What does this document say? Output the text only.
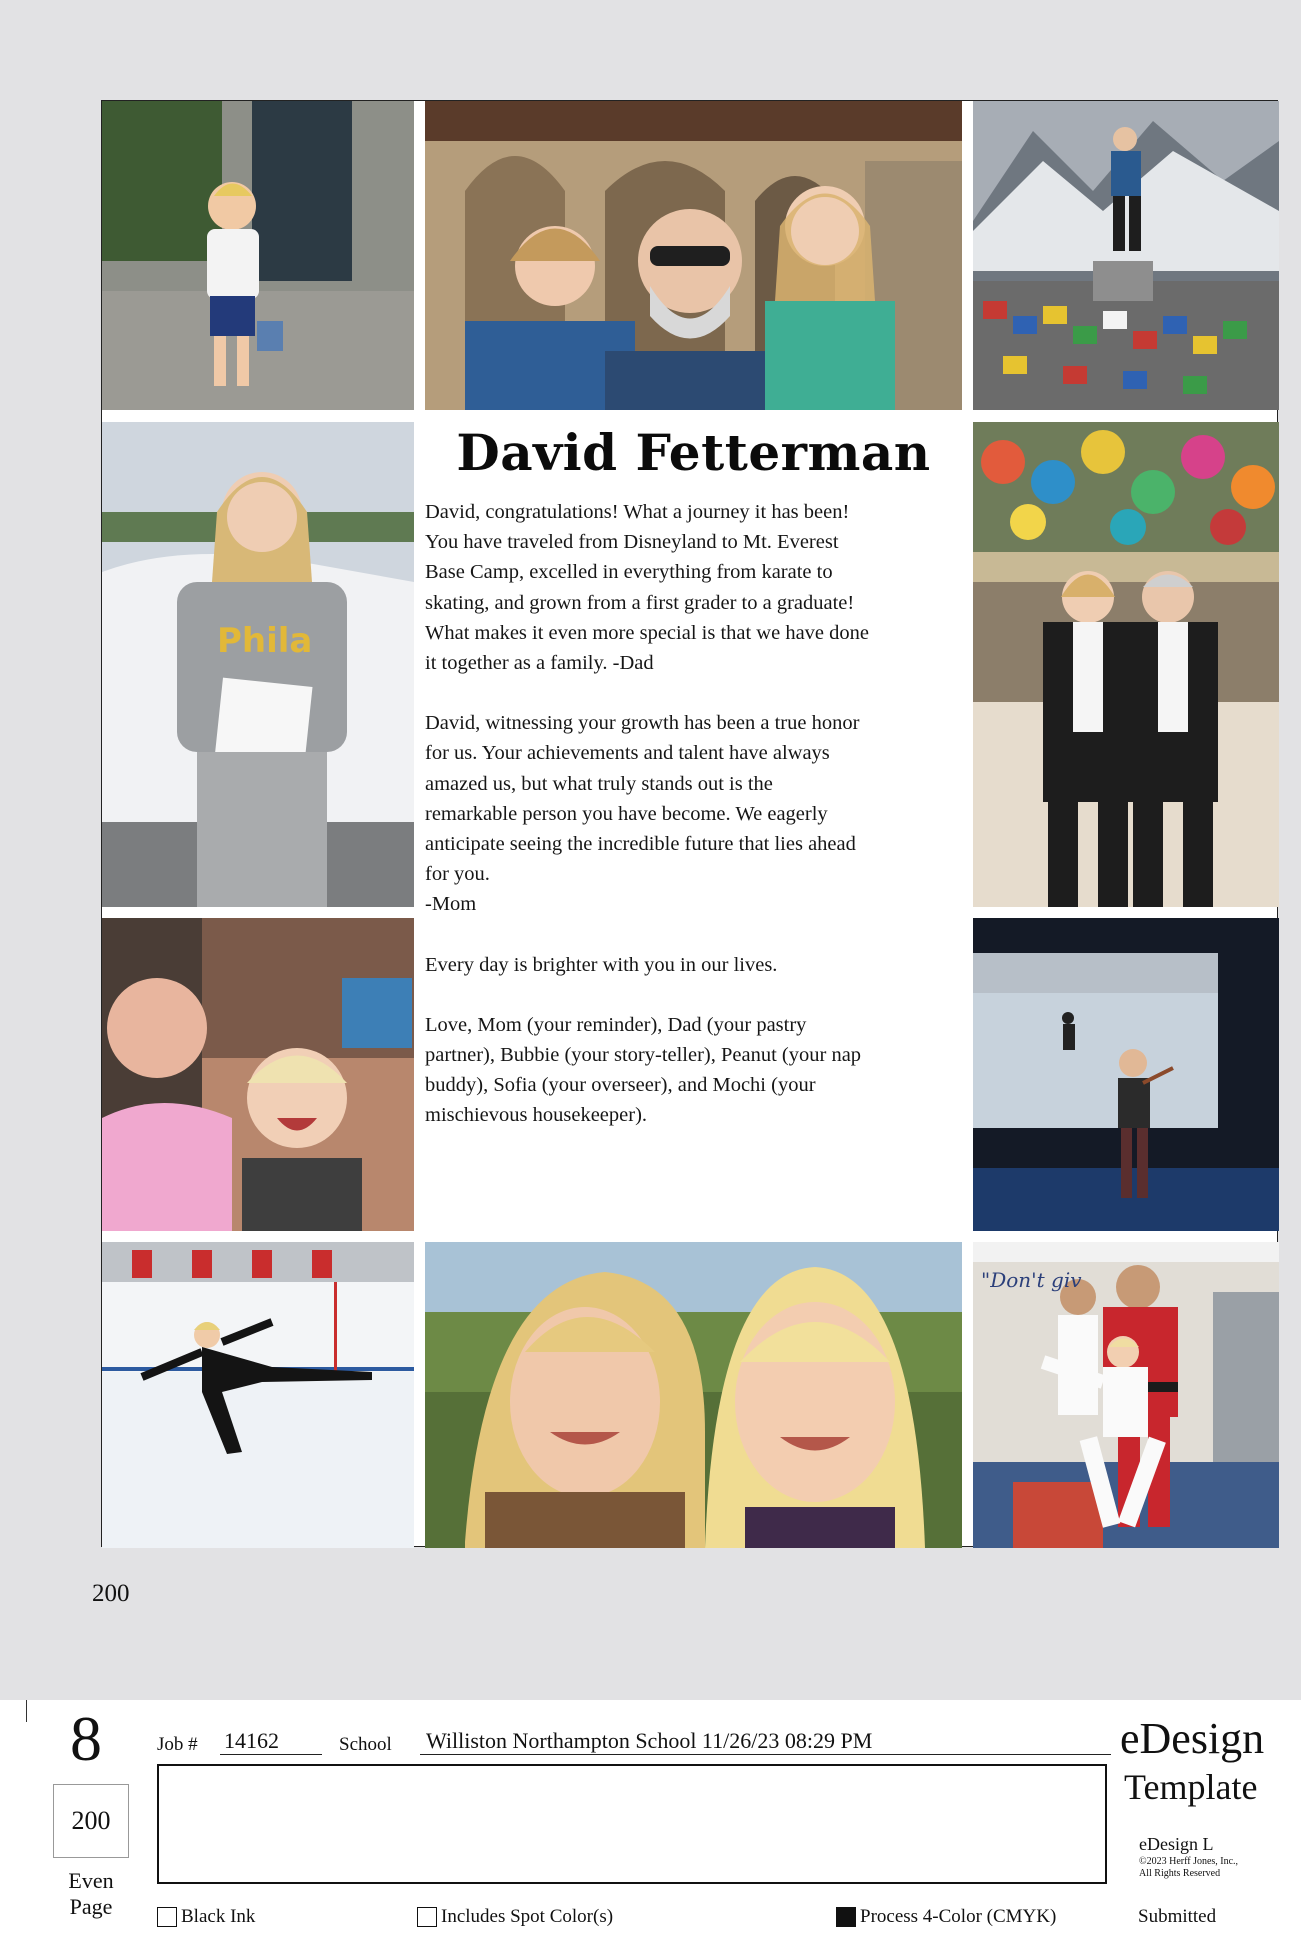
Phila
"Don't giv
David Fetterman

David, congratulations! What a journey it has been!
You have traveled from Disneyland to Mt. Everest
Base Camp, excelled in everything from karate to
skating, and grown from a first grader to a graduate!
What makes it even more special is that we have done
it together as a family. -Dad

David, witnessing your growth has been a true honor
for us. Your achievements and talent have always
amazed us, but what truly stands out is the
remarkable person you have become. We eagerly
anticipate seeing the incredible future that lies ahead
for you.
-Mom

Every day is brighter with you in our lives.

Love, Mom (your reminder), Dad (your pastry
partner), Bubbie (your story-teller), Peanut (your nap
buddy), Sofia (your overseer), and Mochi (your
mischievous housekeeper).

200
8
200
Even
Page
Job # 14162	School Williston Northampton School 11/26/23 08:29 PM	eDesign
Template
eDesign L
©2023 Herff Jones, Inc.,
All Rights Reserved
Submitted
Black Ink	Includes Spot Color(s)	Process 4-Color (CMYK)
